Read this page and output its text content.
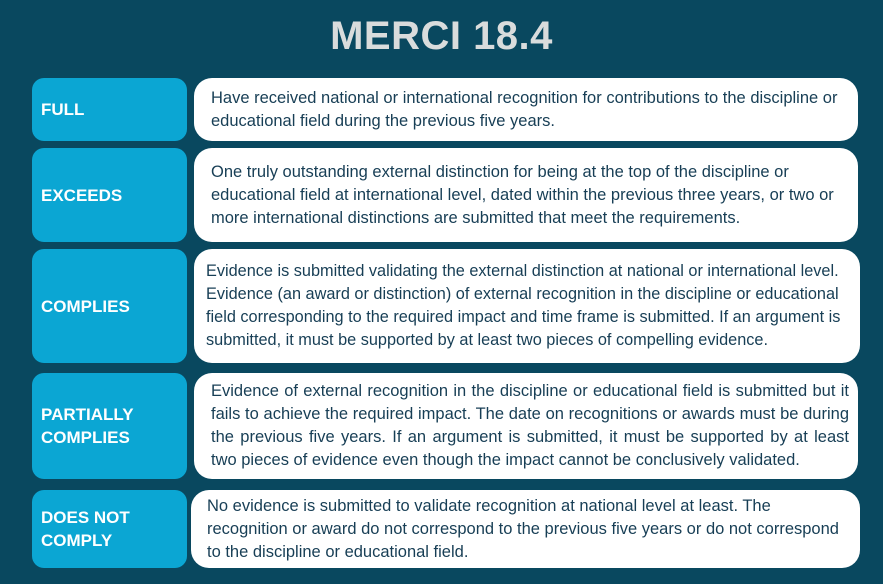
MERCI 18.4
FULL
Have received national or international recognition for contributions to the discipline or educational field during the previous five years.
EXCEEDS
One truly outstanding external distinction for being at the top of the discipline or educational field at international level, dated within the previous three years, or two or more international distinctions are submitted that meet the requirements.
COMPLIES
Evidence is submitted validating the external distinction at national or international level. Evidence (an award or distinction) of external recognition in the discipline or educational field corresponding to the required impact and time frame is submitted. If an argument is submitted, it must be supported by at least two pieces of compelling evidence.
PARTIALLY COMPLIES
Evidence of external recognition in the discipline or educational field is submitted but it fails to achieve the required impact. The date on recognitions or awards must be during the previous five years. If an argument is submitted, it must be supported by at least two pieces of evidence even though the impact cannot be conclusively validated.
DOES NOT COMPLY
No evidence is submitted to validate recognition at national level at least. The recognition or award do not correspond to the previous five years or do not correspond to the discipline or educational field.
